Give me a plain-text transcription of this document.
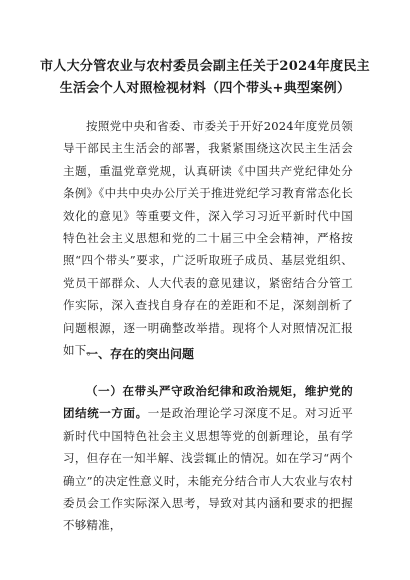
市人大分管农业与农村委员会副主任关于2024年度民主生活会个人对照检视材料（四个带头+典型案例）

按照党中央和省委、市委关于开好2024年度党员领导干部民主生活会的部署，我紧紧围绕这次民主生活会主题，重温党章党规，认真研读《中国共产党纪律处分条例》《中共中央办公厅关于推进党纪学习教育常态化长效化的意见》等重要文件，深入学习习近平新时代中国特色社会主义思想和党的二十届三中全会精神，严格按照“四个带头”要求，广泛听取班子成员、基层党组织、党员干部群众、人大代表的意见建议，紧密结合分管工作实际，深入查找自身存在的差距和不足，深刻剖析了问题根源，逐一明确整改举措。现将个人对照情况汇报如下。

一、存在的突出问题

（一）在带头严守政治纪律和政治规矩，维护党的团结统一方面。一是政治理论学习深度不足。对习近平新时代中国特色社会主义思想等党的创新理论，虽有学习，但存在一知半解、浅尝辄止的情况。如在学习“两个确立”的决定性意义时，未能充分结合市人大农业与农村委员会工作实际深入思考，导致对其内涵和要求的把握不够精准，
